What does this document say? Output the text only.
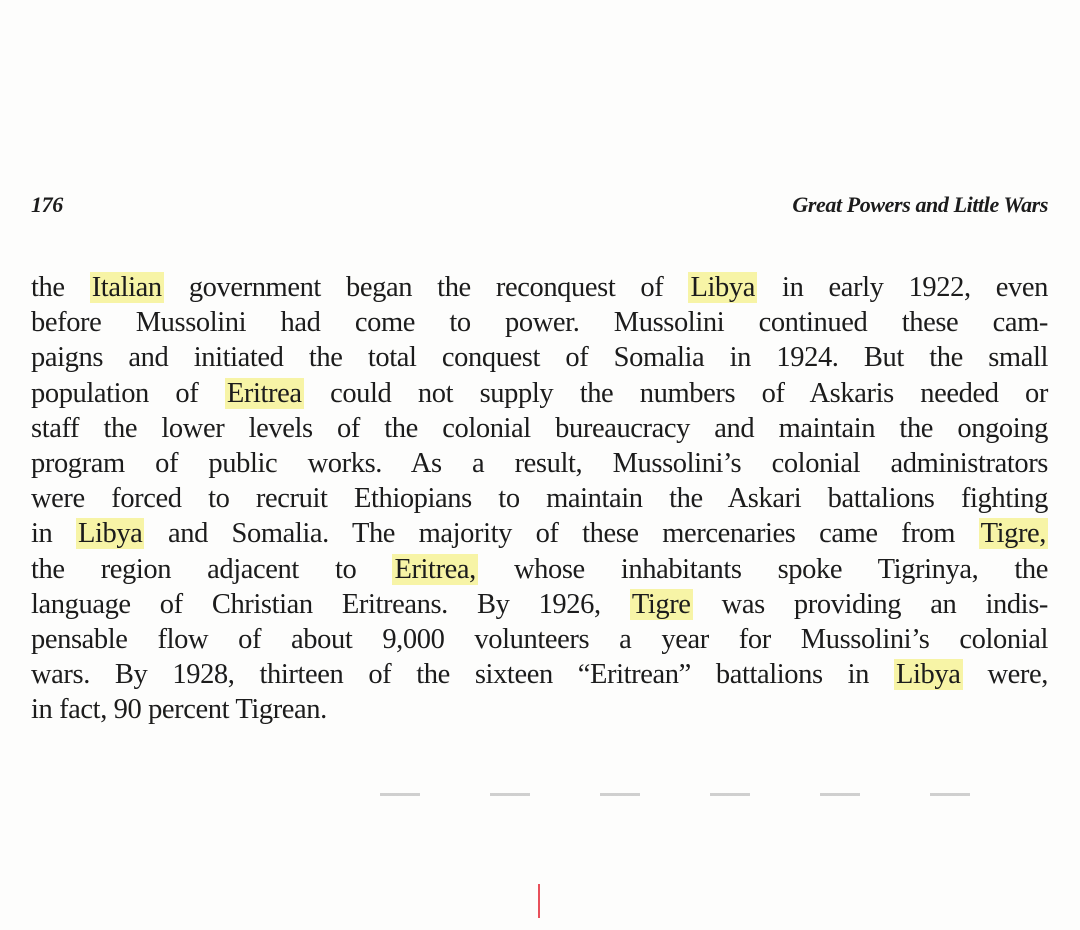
176	Great Powers and Little Wars
the Italian government began the reconquest of Libya in early 1922, even
before Mussolini had come to power. Mussolini continued these cam-
paigns and initiated the total conquest of Somalia in 1924. But the small
population of Eritrea could not supply the numbers of Askaris needed or
staff the lower levels of the colonial bureaucracy and maintain the ongoing
program of public works. As a result, Mussolini’s colonial administrators
were forced to recruit Ethiopians to maintain the Askari battalions fighting
in Libya and Somalia. The majority of these mercenaries came from Tigre,
the region adjacent to Eritrea, whose inhabitants spoke Tigrinya, the
language of Christian Eritreans. By 1926, Tigre was providing an indis-
pensable flow of about 9,000 volunteers a year for Mussolini’s colonial
wars. By 1928, thirteen of the sixteen “Eritrean” battalions in Libya were,
in fact, 90 percent Tigrean.
